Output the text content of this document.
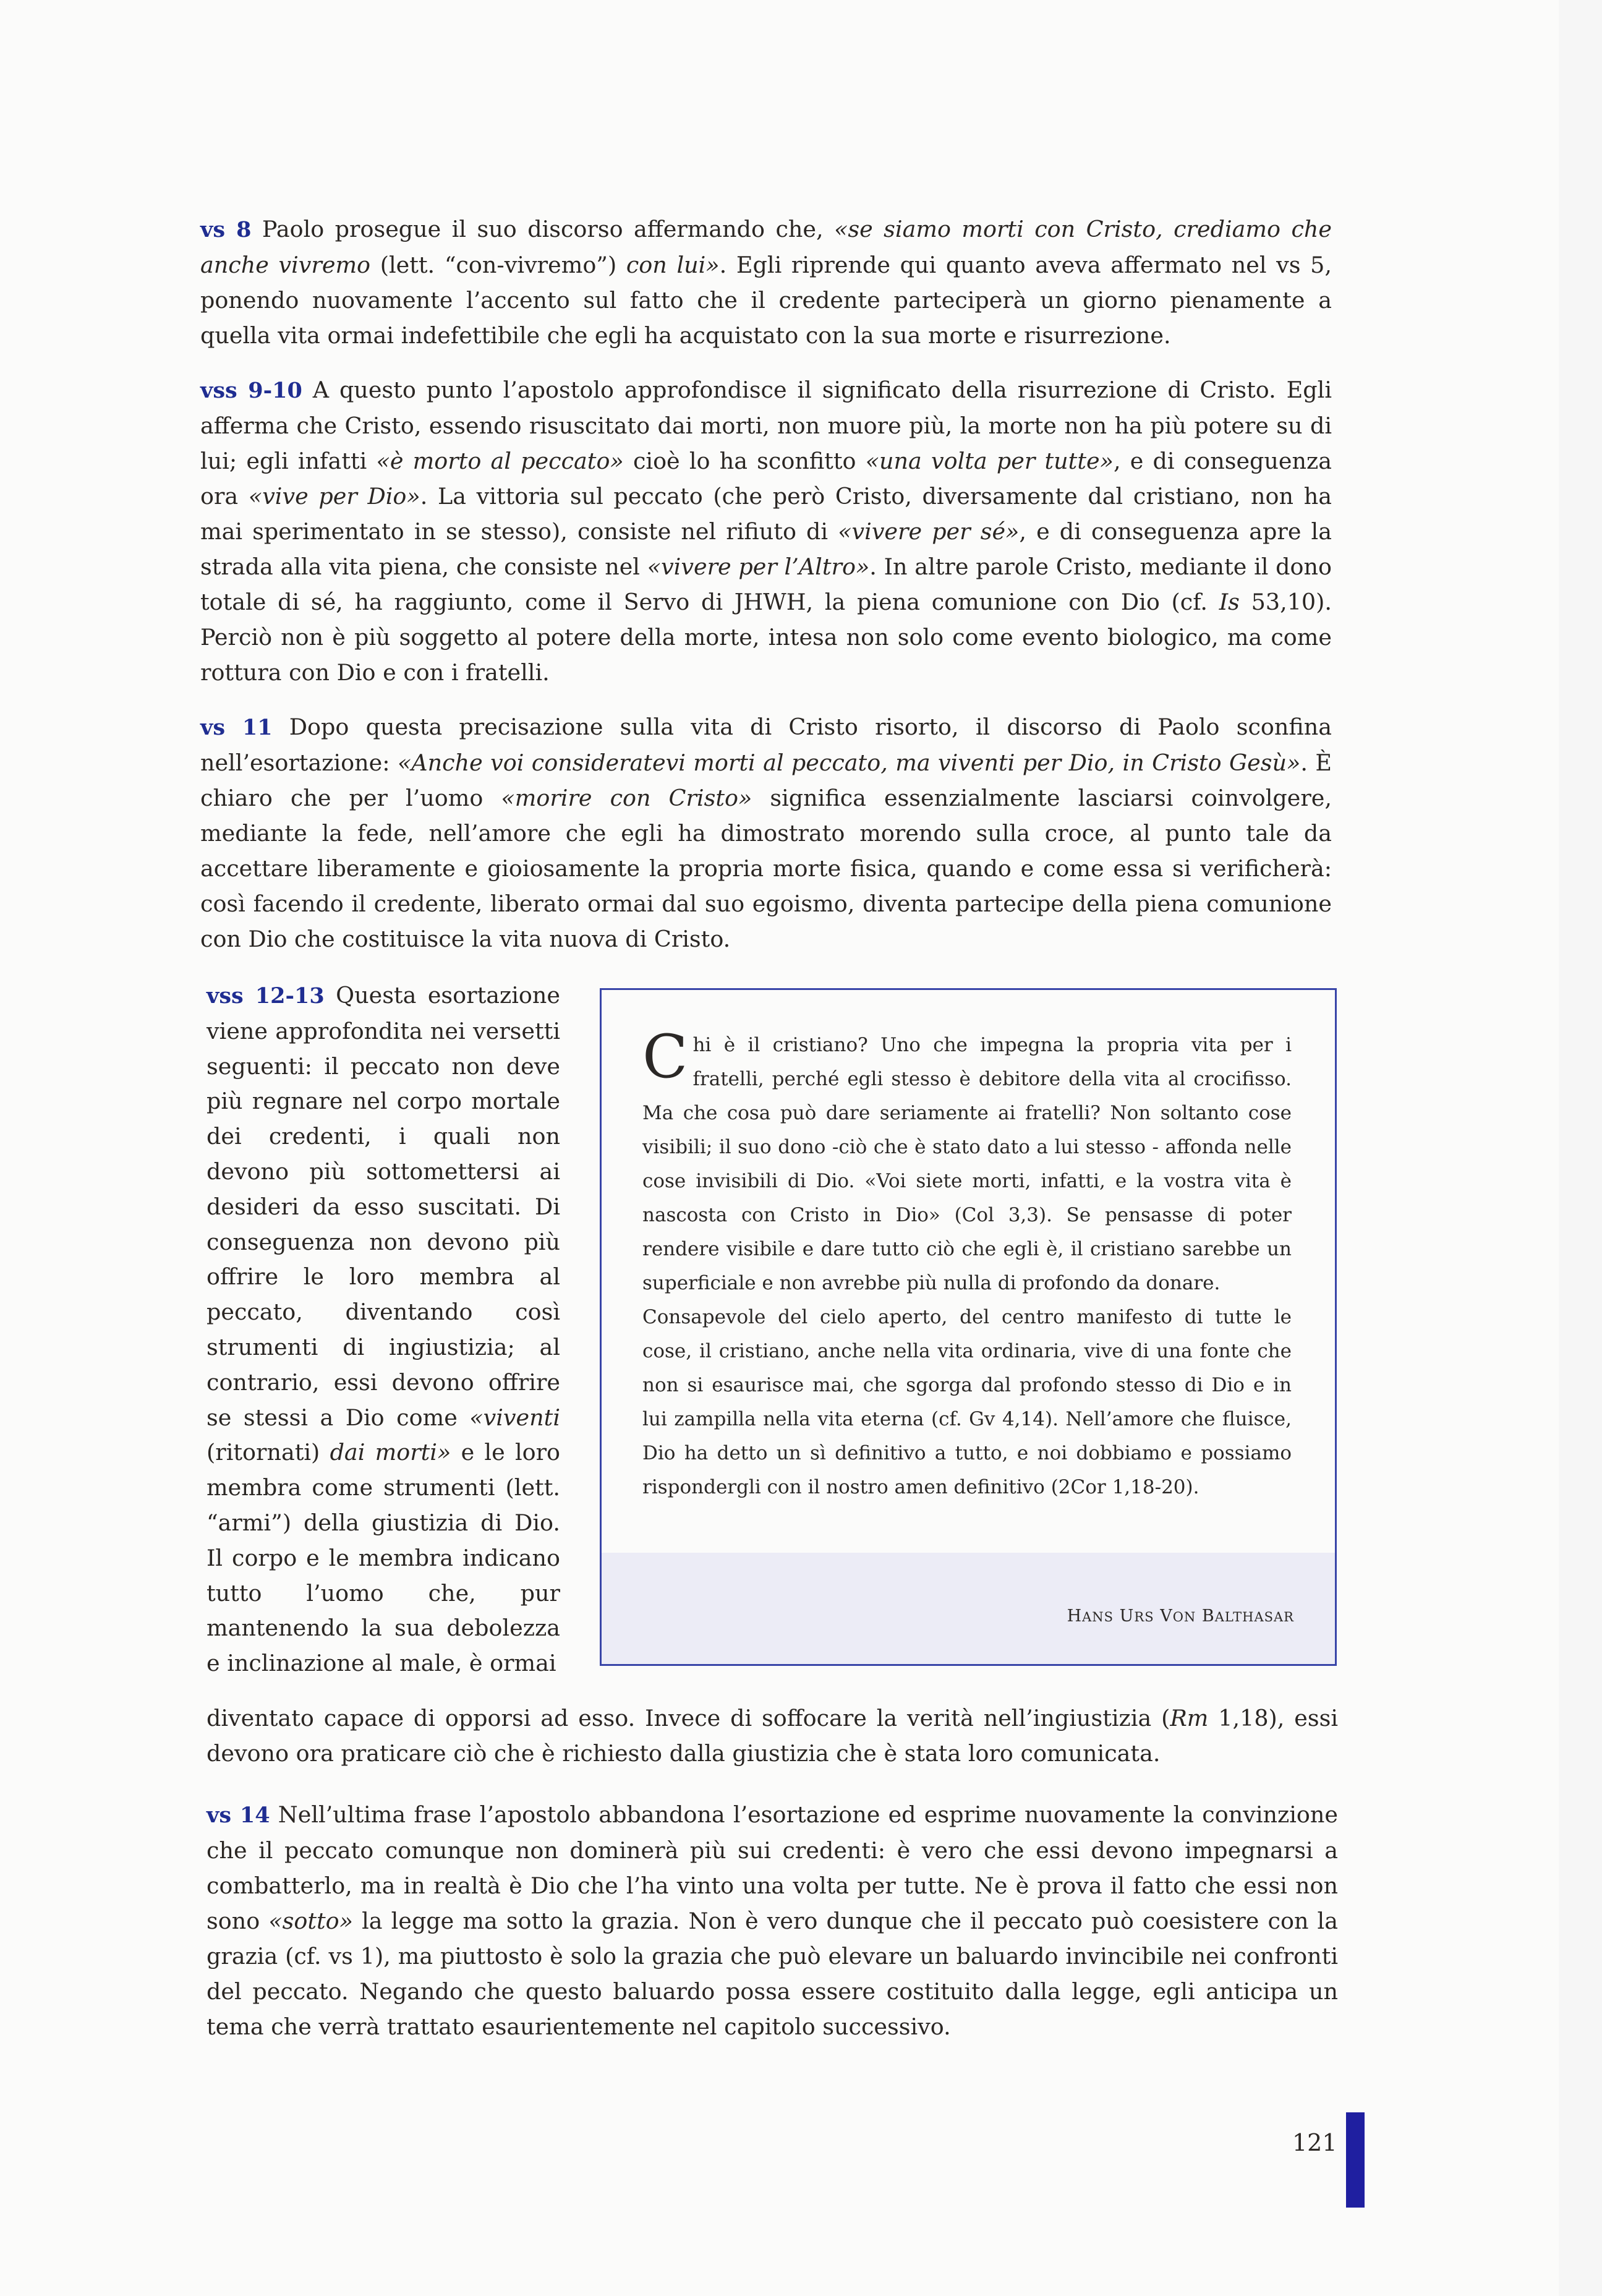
vs 8 Paolo prosegue il suo discorso affermando che, «se siamo morti con Cristo, crediamo che anche vivremo (lett. “con-vivremo”) con lui». Egli riprende qui quanto aveva affermato nel vs 5, ponendo nuovamente l’accento sul fatto che il credente parteciperà un giorno pienamente a quella vita ormai indefettibile che egli ha acquistato con la sua morte e risurrezione.
vss 9-10 A questo punto l’apostolo approfondisce il significato della risurrezione di Cristo. Egli afferma che Cristo, essendo risuscitato dai morti, non muore più, la morte non ha più potere su di lui; egli infatti «è morto al peccato» cioè lo ha sconfitto «una volta per tutte», e di conseguenza ora «vive per Dio». La vittoria sul peccato (che però Cristo, diversamente dal cristiano, non ha mai sperimentato in se stesso), consiste nel rifiuto di «vivere per sé», e di conseguenza apre la strada alla vita piena, che consiste nel «vivere per l’Altro». In altre parole Cristo, mediante il dono totale di sé, ha raggiunto, come il Servo di JHWH, la piena comunione con Dio (cf. Is 53,10). Perciò non è più soggetto al potere della morte, intesa non solo come evento biologico, ma come rottura con Dio e con i fratelli.
vs 11 Dopo questa precisazione sulla vita di Cristo risorto, il discorso di Paolo sconfina nell’esortazione: «Anche voi consideratevi morti al peccato, ma viventi per Dio, in Cristo Gesù». È chiaro che per l’uomo «morire con Cristo» significa essenzialmente lasciarsi coinvolgere, mediante la fede, nell’amore che egli ha dimostrato morendo sulla croce, al punto tale da accettare liberamente e gioiosamente la propria morte fisica, quando e come essa si verificherà: così facendo il credente, liberato ormai dal suo egoismo, diventa partecipe della piena comunione con Dio che costituisce la vita nuova di Cristo.
vss 12-13 Questa esortazione viene approfondita nei versetti seguenti: il peccato non deve più regnare nel corpo mortale dei credenti, i quali non devono più sottomettersi ai desideri da esso suscitati. Di conseguenza non devono più offrire le loro membra al peccato, diventando così strumenti di ingiustizia; al contrario, essi devono offrire se stessi a Dio come «viventi (ritornati) dai morti» e le loro membra come strumenti (lett. “armi”) della giustizia di Dio. Il corpo e le membra indicano tutto l’uomo che, pur mantenendo la sua debolezza e inclinazione al male, è ormai
diventato capace di opporsi ad esso. Invece di soffocare la verità nell’ingiustizia (Rm 1,18), essi devono ora praticare ciò che è richiesto dalla giustizia che è stata loro comunicata.
Chi è il cristiano? Uno che impegna la propria vita per i fratelli, perché egli stesso è debitore della vita al crocifisso. Ma che cosa può dare seriamente ai fratelli? Non soltanto cose visibili; il suo dono -ciò che è stato dato a lui stesso - affonda nelle cose invisibili di Dio. «Voi siete morti, infatti, e la vostra vita è nascosta con Cristo in Dio» (Col 3,3). Se pensasse di poter rendere visibile e dare tutto ciò che egli è, il cristiano sarebbe un superficiale e non avrebbe più nulla di profondo da donare.
Consapevole del cielo aperto, del centro manifesto di tutte le cose, il cristiano, anche nella vita ordinaria, vive di una fonte che non si esaurisce mai, che sgorga dal profondo stesso di Dio e in lui zampilla nella vita eterna (cf. Gv 4,14). Nell’amore che fluisce, Dio ha detto un sì definitivo a tutto, e noi dobbiamo e possiamo rispondergli con il nostro amen definitivo (2Cor 1,18-20).
HANS URS VON BALTHASAR
vs 14 Nell’ultima frase l’apostolo abbandona l’esortazione ed esprime nuovamente la convinzione che il peccato comunque non dominerà più sui credenti: è vero che essi devono impegnarsi a combatterlo, ma in realtà è Dio che l’ha vinto una volta per tutte. Ne è prova il fatto che essi non sono «sotto» la legge ma sotto la grazia. Non è vero dunque che il peccato può coesistere con la grazia (cf. vs 1), ma piuttosto è solo la grazia che può elevare un baluardo invincibile nei confronti del peccato. Negando che questo baluardo possa essere costituito dalla legge, egli anticipa un tema che verrà trattato esaurientemente nel capitolo successivo.
121
